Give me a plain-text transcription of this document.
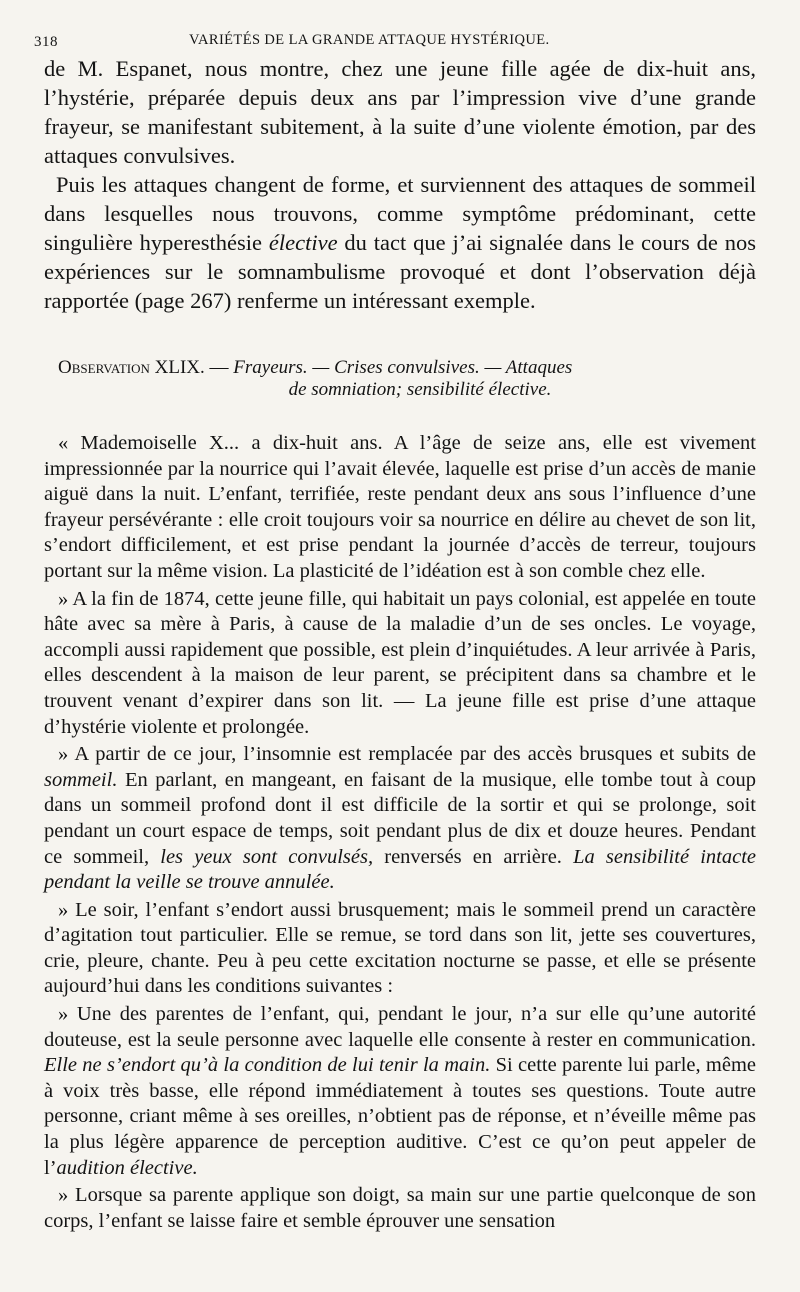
318	VARIÉTÉS DE LA GRANDE ATTAQUE HYSTÉRIQUE.

de M. Espanet, nous montre, chez une jeune fille agée de dix-huit ans, l’hystérie, préparée depuis deux ans par l’impression vive d’une grande frayeur, se manifestant subitement, à la suite d’une violente émotion, par des attaques convulsives.

Puis les attaques changent de forme, et surviennent des attaques de sommeil dans lesquelles nous trouvons, comme symptôme prédominant, cette singulière hyperesthésie élective du tact que j’ai signalée dans le cours de nos expériences sur le somnambulisme provoqué et dont l’observation déjà rapportée (page 267) renferme un intéressant exemple.

Observation XLIX. — Frayeurs. — Crises convulsives. — Attaques
de somniation; sensibilité élective.

« Mademoiselle X... a dix-huit ans. A l’âge de seize ans, elle est vivement impressionnée par la nourrice qui l’avait élevée, laquelle est prise d’un accès de manie aiguë dans la nuit. L’enfant, terrifiée, reste pendant deux ans sous l’influence d’une frayeur persévérante : elle croit toujours voir sa nourrice en délire au chevet de son lit, s’endort difficilement, et est prise pendant la journée d’accès de terreur, toujours portant sur la même vision. La plasticité de l’idéation est à son comble chez elle.

» A la fin de 1874, cette jeune fille, qui habitait un pays colonial, est appelée en toute hâte avec sa mère à Paris, à cause de la maladie d’un de ses oncles. Le voyage, accompli aussi rapidement que possible, est plein d’inquiétudes. A leur arrivée à Paris, elles descendent à la maison de leur parent, se précipitent dans sa chambre et le trouvent venant d’expirer dans son lit. — La jeune fille est prise d’une attaque d’hystérie violente et prolongée.

» A partir de ce jour, l’insomnie est remplacée par des accès brusques et subits de sommeil. En parlant, en mangeant, en faisant de la musique, elle tombe tout à coup dans un sommeil profond dont il est difficile de la sortir et qui se prolonge, soit pendant un court espace de temps, soit pendant plus de dix et douze heures. Pendant ce sommeil, les yeux sont convulsés, renversés en arrière. La sensibilité intacte pendant la veille se trouve annulée.

» Le soir, l’enfant s’endort aussi brusquement; mais le sommeil prend un caractère d’agitation tout particulier. Elle se remue, se tord dans son lit, jette ses couvertures, crie, pleure, chante. Peu à peu cette excitation nocturne se passe, et elle se présente aujourd’hui dans les conditions suivantes :

» Une des parentes de l’enfant, qui, pendant le jour, n’a sur elle qu’une autorité douteuse, est la seule personne avec laquelle elle consente à rester en communication. Elle ne s’endort qu’à la condition de lui tenir la main. Si cette parente lui parle, même à voix très basse, elle répond immédiatement à toutes ses questions. Toute autre personne, criant même à ses oreilles, n’obtient pas de réponse, et n’éveille même pas la plus légère apparence de perception auditive. C’est ce qu’on peut appeler de l’audition élective.

» Lorsque sa parente applique son doigt, sa main sur une partie quelconque de son corps, l’enfant se laisse faire et semble éprouver une sensation
